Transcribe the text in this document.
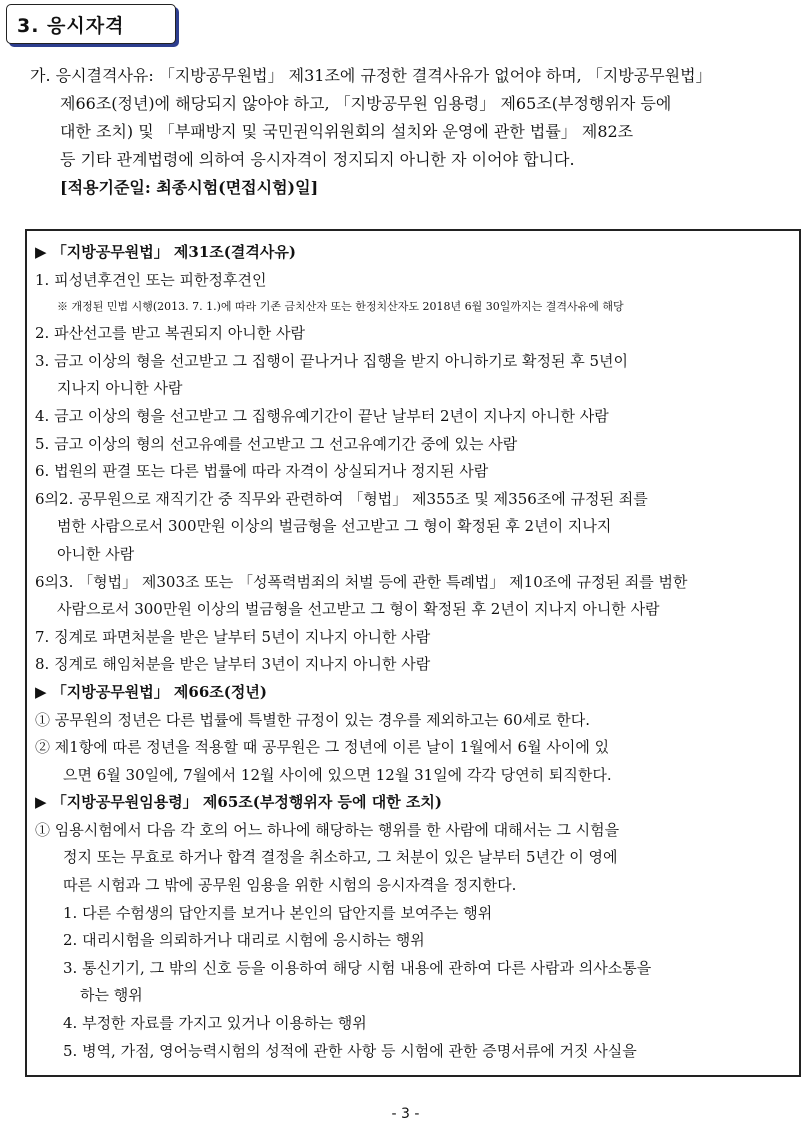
3. 응시자격
가. 응시결격사유: 「지방공무원법」 제31조에 규정한 결격사유가 없어야 하며, 「지방공무원법」
제66조(정년)에 해당되지 않아야 하고, 「지방공무원 임용령」 제65조(부정행위자 등에
대한 조치) 및 「부패방지 및 국민권익위원회의 설치와 운영에 관한 법률」 제82조
등 기타 관계법령에 의하여 응시자격이 정지되지 아니한 자 이어야 합니다.
[적용기준일: 최종시험(면접시험)일]
▶ 「지방공무원법」 제31조(결격사유)
1. 피성년후견인 또는 피한정후견인
※ 개정된 민법 시행(2013. 7. 1.)에 따라 기존 금치산자 또는 한정치산자도 2018년 6월 30일까지는 결격사유에 해당
2. 파산선고를 받고 복권되지 아니한 사람
3. 금고 이상의 형을 선고받고 그 집행이 끝나거나 집행을 받지 아니하기로 확정된 후 5년이
지나지 아니한 사람
4. 금고 이상의 형을 선고받고 그 집행유예기간이 끝난 날부터 2년이 지나지 아니한 사람
5. 금고 이상의 형의 선고유예를 선고받고 그 선고유예기간 중에 있는 사람
6. 법원의 판결 또는 다른 법률에 따라 자격이 상실되거나 정지된 사람
6의2. 공무원으로 재직기간 중 직무와 관련하여 「형법」 제355조 및 제356조에 규정된 죄를
범한 사람으로서 300만원 이상의 벌금형을 선고받고 그 형이 확정된 후 2년이 지나지
아니한 사람
6의3. 「형법」 제303조 또는 「성폭력범죄의 처벌 등에 관한 특례법」 제10조에 규정된 죄를 범한
사람으로서 300만원 이상의 벌금형을 선고받고 그 형이 확정된 후 2년이 지나지 아니한 사람
7. 징계로 파면처분을 받은 날부터 5년이 지나지 아니한 사람
8. 징계로 해임처분을 받은 날부터 3년이 지나지 아니한 사람
▶ 「지방공무원법」 제66조(정년)
① 공무원의 정년은 다른 법률에 특별한 규정이 있는 경우를 제외하고는 60세로 한다.
② 제1항에 따른 정년을 적용할 때 공무원은 그 정년에 이른 날이 1월에서 6월 사이에 있
으면 6월 30일에, 7월에서 12월 사이에 있으면 12월 31일에 각각 당연히 퇴직한다.
▶ 「지방공무원임용령」 제65조(부정행위자 등에 대한 조치)
① 임용시험에서 다음 각 호의 어느 하나에 해당하는 행위를 한 사람에 대해서는 그 시험을
정지 또는 무효로 하거나 합격 결정을 취소하고, 그 처분이 있은 날부터 5년간 이 영에
따른 시험과 그 밖에 공무원 임용을 위한 시험의 응시자격을 정지한다.
1. 다른 수험생의 답안지를 보거나 본인의 답안지를 보여주는 행위
2. 대리시험을 의뢰하거나 대리로 시험에 응시하는 행위
3. 통신기기, 그 밖의 신호 등을 이용하여 해당 시험 내용에 관하여 다른 사람과 의사소통을
하는 행위
4. 부정한 자료를 가지고 있거나 이용하는 행위
5. 병역, 가점, 영어능력시험의 성적에 관한 사항 등 시험에 관한 증명서류에 거짓 사실을
- 3 -
